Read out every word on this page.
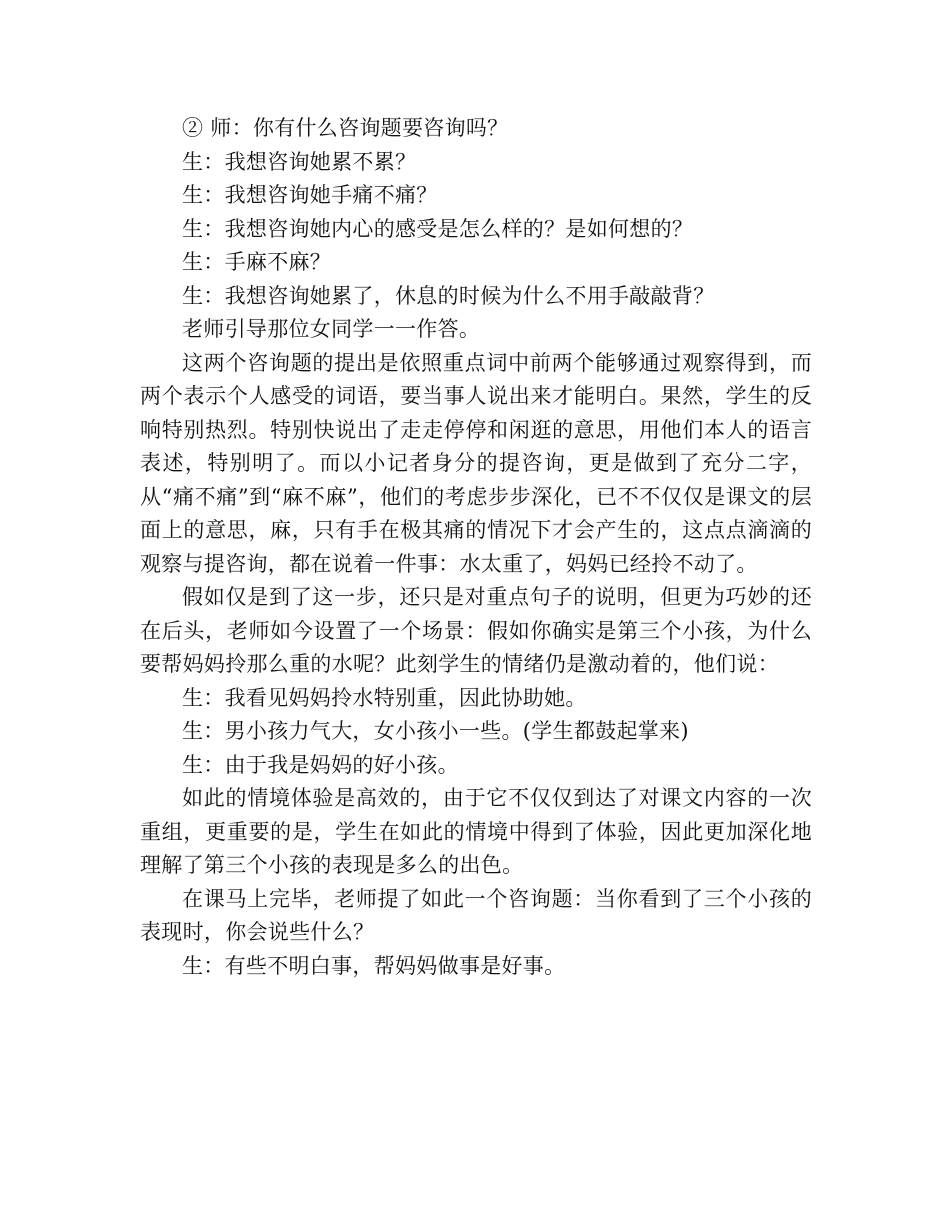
② 师：你有什么咨询题要咨询吗？

生：我想咨询她累不累？

生：我想咨询她手痛不痛？

生：我想咨询她内心的感受是怎么样的？是如何想的？

生：手麻不麻？

生：我想咨询她累了，休息的时候为什么不用手敲敲背？

老师引导那位女同学一一作答。

这两个咨询题的提出是依照重点词中前两个能够通过观察得到，而两个表示个人感受的词语，要当事人说出来才能明白。果然，学生的反响特别热烈。特别快说出了走走停停和闲逛的意思，用他们本人的语言表述，特别明了。而以小记者身分的提咨询，更是做到了充分二字，从“痛不痛”到“麻不麻”，他们的考虑步步深化，已不不仅仅是课文的层面上的意思，麻，只有手在极其痛的情况下才会产生的，这点点滴滴的观察与提咨询，都在说着一件事：水太重了，妈妈已经拎不动了。

假如仅是到了这一步，还只是对重点句子的说明，但更为巧妙的还在后头，老师如今设置了一个场景：假如你确实是第三个小孩，为什么要帮妈妈拎那么重的水呢？此刻学生的情绪仍是激动着的，他们说：

生：我看见妈妈拎水特别重，因此协助她。

生：男小孩力气大，女小孩小一些。(学生都鼓起掌来)

生：由于我是妈妈的好小孩。

如此的情境体验是高效的，由于它不仅仅到达了对课文内容的一次重组，更重要的是，学生在如此的情境中得到了体验，因此更加深化地理解了第三个小孩的表现是多么的出色。

在课马上完毕，老师提了如此一个咨询题：当你看到了三个小孩的表现时，你会说些什么？

生：有些不明白事，帮妈妈做事是好事。
